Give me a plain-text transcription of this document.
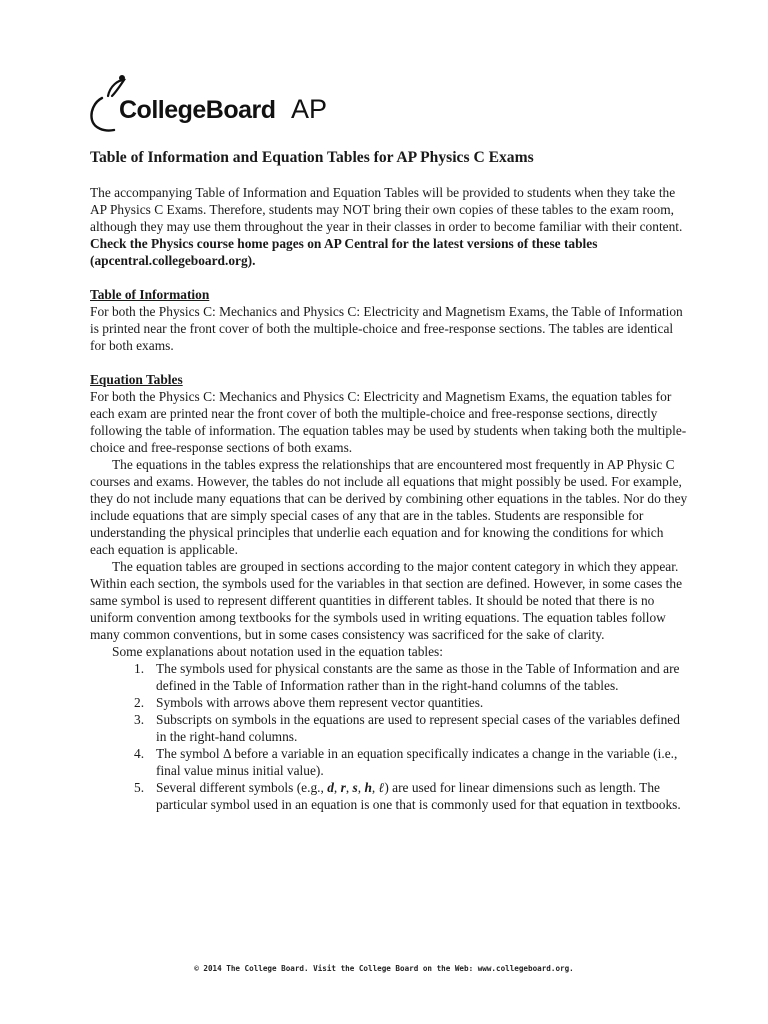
CollegeBoard AP
Table of Information and Equation Tables for AP Physics C Exams

The accompanying Table of Information and Equation Tables will be provided to students when they take the AP Physics C Exams. Therefore, students may NOT bring their own copies of these tables to the exam room, although they may use them throughout the year in their classes in order to become familiar with their content. Check the Physics course home pages on AP Central for the latest versions of these tables (apcentral.collegeboard.org).

Table of Information

For both the Physics C: Mechanics and Physics C: Electricity and Magnetism Exams, the Table of Information is printed near the front cover of both the multiple-choice and free-response sections. The tables are identical for both exams.

Equation Tables

For both the Physics C: Mechanics and Physics C: Electricity and Magnetism Exams, the equation tables for each exam are printed near the front cover of both the multiple-choice and free-response sections, directly following the table of information. The equation tables may be used by students when taking both the multiple-choice and free-response sections of both exams.

The equations in the tables express the relationships that are encountered most frequently in AP Physic C courses and exams. However, the tables do not include all equations that might possibly be used. For example, they do not include many equations that can be derived by combining other equations in the tables. Nor do they include equations that are simply special cases of any that are in the tables. Students are responsible for understanding the physical principles that underlie each equation and for knowing the conditions for which each equation is applicable.

The equation tables are grouped in sections according to the major content category in which they appear. Within each section, the symbols used for the variables in that section are defined. However, in some cases the same symbol is used to represent different quantities in different tables. It should be noted that there is no uniform convention among textbooks for the symbols used in writing equations. The equation tables follow many common conventions, but in some cases consistency was sacrificed for the sake of clarity.

Some explanations about notation used in the equation tables:

1. The symbols used for physical constants are the same as those in the Table of Information and are defined in the Table of Information rather than in the right-hand columns of the tables.
2. Symbols with arrows above them represent vector quantities.
3. Subscripts on symbols in the equations are used to represent special cases of the variables defined in the right-hand columns.
4. The symbol Δ before a variable in an equation specifically indicates a change in the variable (i.e., final value minus initial value).
5. Several different symbols (e.g., d, r, s, h, ℓ) are used for linear dimensions such as length. The particular symbol used in an equation is one that is commonly used for that equation in textbooks.
© 2014 The College Board. Visit the College Board on the Web: www.collegeboard.org.
